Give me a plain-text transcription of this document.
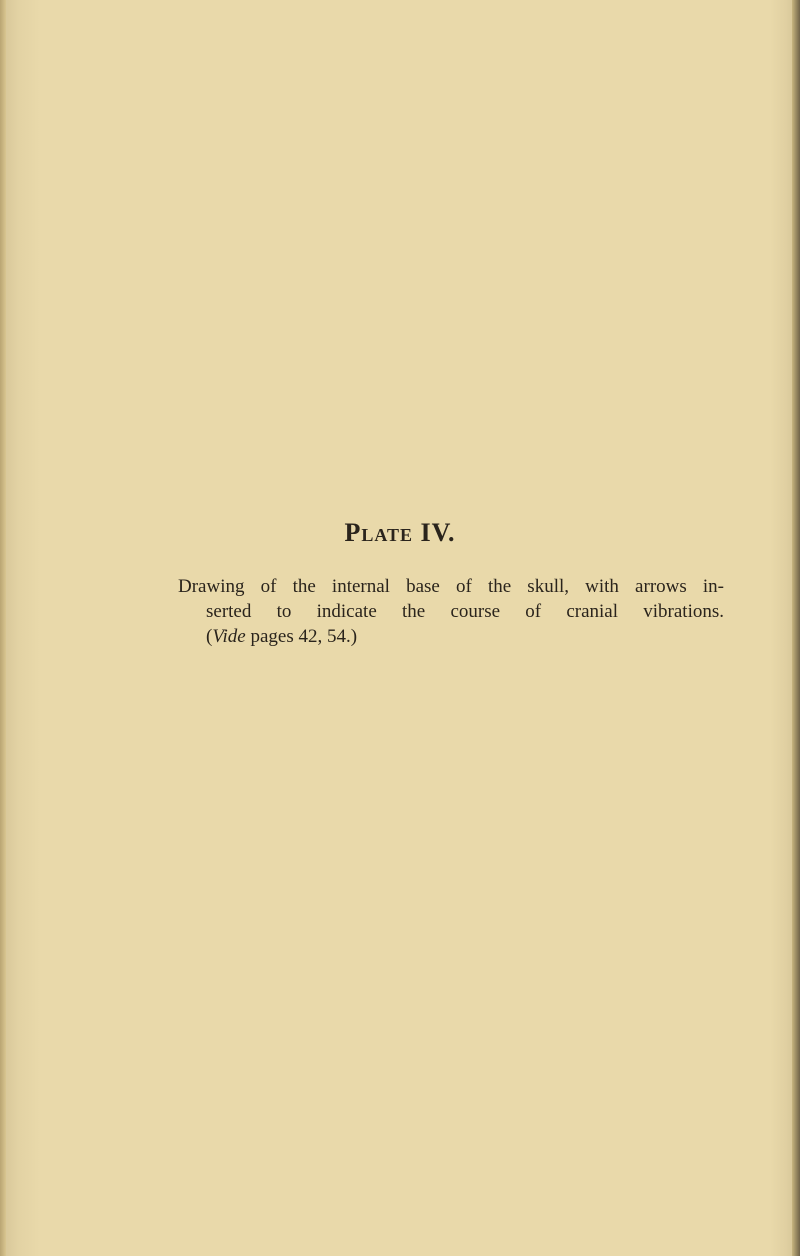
Plate IV.
Drawing of the internal base of the skull, with arrows in-
serted to indicate the course of cranial vibrations.
(Vide pages 42, 54.)
